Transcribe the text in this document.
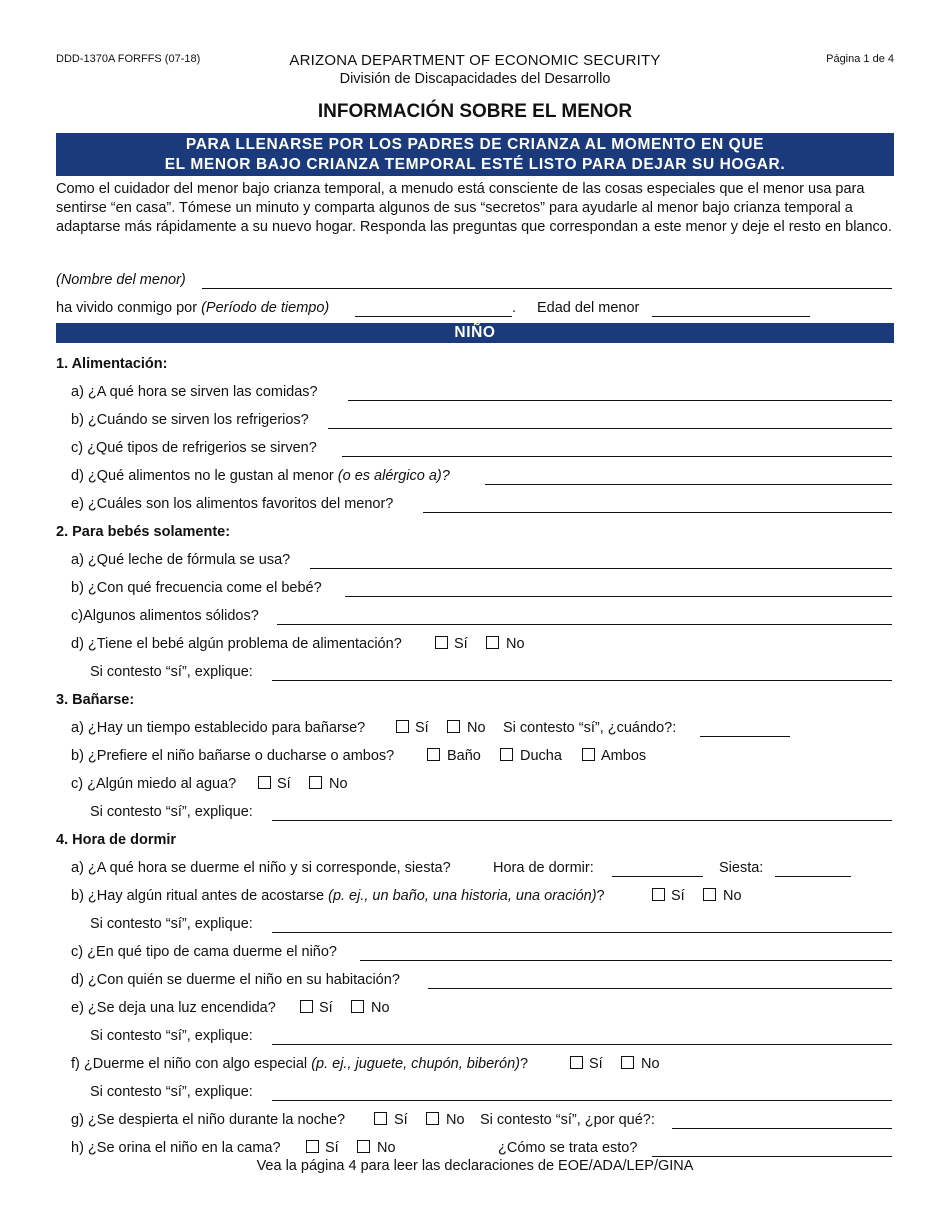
DDD-1370A FORFFS (07-18)	ARIZONA DEPARTMENT OF ECONOMIC SECURITY
División de Discapacidades del Desarrollo
Página 1 de 4
INFORMACIÓN SOBRE EL MENOR
PARA LLENARSE POR LOS PADRES DE CRIANZA AL MOMENTO EN QUE
EL MENOR BAJO CRIANZA TEMPORAL ESTÉ LISTO PARA DEJAR SU HOGAR.

Como el cuidador del menor bajo crianza temporal, a menudo está consciente de las cosas especiales que el menor usa para sentirse “en casa”. Tómese un minuto y comparta algunos de sus “secretos” para ayudarle al menor bajo crianza temporal a adaptarse más rápidamente a su nuevo hogar. Responda las preguntas que correspondan a este menor y deje el resto en blanco.

(Nombre del menor)
ha vivido conmigo por (Período de tiempo)	. Edad del menor
NIÑO
1. Alimentación:
a) ¿A qué hora se sirven las comidas?
b) ¿Cuándo se sirven los refrigerios?
c) ¿Qué tipos de refrigerios se sirven?
d) ¿Qué alimentos no le gustan al menor (o es alérgico a)?
e) ¿Cuáles son los alimentos favoritos del menor?
2. Para bebés solamente:
a) ¿Qué leche de fórmula se usa?
b) ¿Con qué frecuencia come el bebé?
c)Algunos alimentos sólidos?
d) ¿Tiene el bebé algún problema de alimentación?	Sí	No
Si contesto “sí”, explique:
3. Bañarse:
a) ¿Hay un tiempo establecido para bañarse?	Sí	No Si contesto “sí”, ¿cuándo?:
b) ¿Prefiere el niño bañarse o ducharse o ambos?	Baño	Ducha	Ambos
c) ¿Algún miedo al agua?	Sí	No
Si contesto “sí”, explique:
4. Hora de dormir
a) ¿A qué hora se duerme el niño y si corresponde, siesta?	Hora de dormir:	Siesta:
b) ¿Hay algún ritual antes de acostarse (p. ej., un baño, una historia, una oración)?	Sí	No
Si contesto “sí”, explique:
c) ¿En qué tipo de cama duerme el niño?
d) ¿Con quién se duerme el niño en su habitación?
e) ¿Se deja una luz encendida?	Sí	No
Si contesto “sí”, explique:
f) ¿Duerme el niño con algo especial (p. ej., juguete, chupón, biberón)?	Sí	No
Si contesto “sí”, explique:
g) ¿Se despierta el niño durante la noche?	Sí	No Si contesto “sí”, ¿por qué?:
h) ¿Se orina el niño en la cama?	Sí	No	¿Cómo se trata esto?
Vea la página 4 para leer las declaraciones de EOE/ADA/LEP/GINA
